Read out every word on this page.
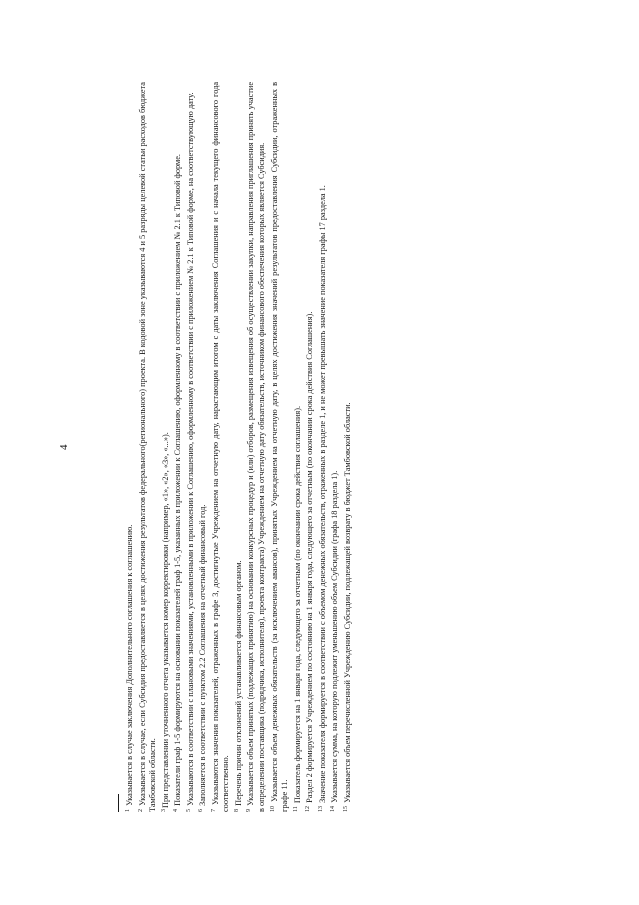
4

$^1$ Указывается в случае заключения Дополнительного соглашения к соглашению.

$^2$ Указывается в случае, если Субсидия предоставляется в целях достижения результатов федерального(регионального) проекта. В кодовой зоне указываются 4 и 5 разряды целевой статьи расходов бюджета Тамбовской области. $^3$При представлении уточненного отчета указывается номер корректировки (например, «1», «2», «3», «...»).

$^4$ Показатели граф 1-5 формируются на основании показателей граф 1-5, указанных в приложении к Соглашению, оформленному в соответствии с приложением № 2.1 к Типовой форме.

$^5$ Указываются в соответствии с плановыми значениями, установленными в приложении к Соглашению, оформленному в соответствии с приложением № 2.1 к Типовой форме, на соответствующую дату.

$^6$ Заполняется в соответствии с пунктом 2.2 Соглашения на отчетный финансовый год.

$^7$ Указываются значения показателей, отраженных в графе 3, достигнутые Учреждением на отчетную дату, нарастающим итогом с даты заключения Соглашения и с начала текущего финансового года соответственно. $^8$ Перечень причин отклонений устанавливается финансовым органом.

$^9$ Указывается объем принятых (подлежащих принятию) на основании конкурсных процедур и (или) отборов, размещения извещения об осуществлении закупки, направления приглашения принять участие в определении поставщика (подрядчика, исполнителя), проекта контракта) Учреждением на отчетную дату обязательств, источником финансового обеспечения которых является Субсидия. $^{10}$ Указывается объем денежных обязательств (за исключением авансов), принятых Учреждением на отчетную дату, в целях достижения значений результатов предоставления Субсидии, отраженных в графе 11. $^{11}$ Показатель формируется на 1 января года, следующего за отчетным (по окончании срока действия соглашения).

$^{12}$ Раздел 2 формируется Учреждением по состоянию на 1 января года, следующего за отчетным (по окончании срока действия Соглашения).

$^{13}$ Значение показателя формируется в соответствии с объемом денежных обязательств, отраженных в разделе 1, и не может превышать значение показателя графы 17 раздела 1.

$^{14}$ Указывается сумма, на которую подлежит уменьшению объем Субсидии (графа 18 раздела 1).

$^{15}$ Указывается объем перечисленной Учреждению Субсидии, подлежащей возврату в бюджет Тамбовской области.
